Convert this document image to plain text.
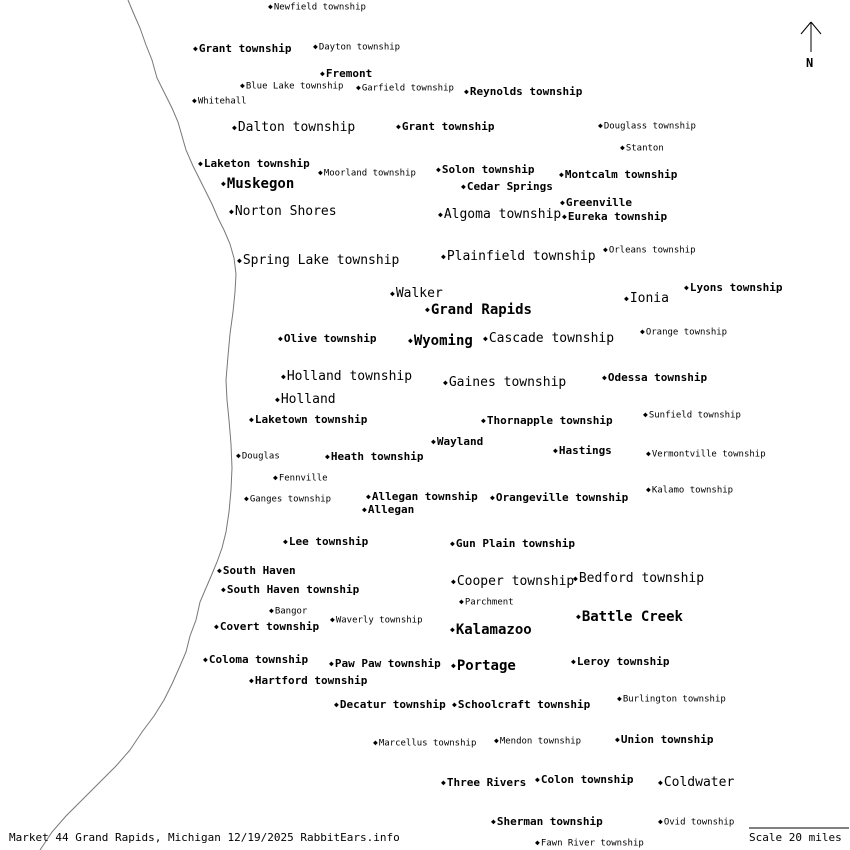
N
◆Newfield township
◆Grant township	◆Dayton township
◆Fremont
◆Blue Lake township ◆Garfield township ◆Reynolds township
◆Whitehall
◆Dalton township	◆Grant township	◆Douglass township
◆Stanton
◆Laketon township
◆Moorland township	◆Solon township	◆Montcalm township
◆Muskegon	◆Cedar Springs
◆Greenville
◆Norton Shores	◆Algoma township ◆Eureka township
◆Orleans township
◆Spring Lake township	◆Plainfield township
◆Lyons township
◆Walker	◆Ionia
◆Grand Rapids
◆Olive township	◆Wyoming ◆Cascade township	◆Orange township
◆Holland township	◆Gaines township	◆Odessa township
◆Holland
◆Laketown township	◆Thornapple township	◆Sunfield township
◆Wayland
◆Hastings
◆Douglas	◆Heath township	◆Vermontville township
◆Fennville
◆Kalamo township
◆Ganges township	◆Allegan township ◆Orangeville township
◆Allegan
◆Lee township	◆Gun Plain township
◆South Haven
◆Cooper township
◆Bedford township
◆South Haven township
◆Parchment
◆Bangor	◆Battle Creek
◆Waverly township
◆Covert township	◆Kalamazoo
◆Coloma township	◆Paw Paw township ◆Portage	◆Leroy township
◆Hartford township
◆Burlington township
◆Decatur township ◆Schoolcraft township
◆Union township
◆Marcellus township ◆Mendon township
◆Three Rivers ◆Colon township	◆Coldwater
◆Sherman township	◆Ovid township
◆Fawn River township
Market 44 Grand Rapids, Michigan 12/19/2025 RabbitEars.info	Scale 20 miles
